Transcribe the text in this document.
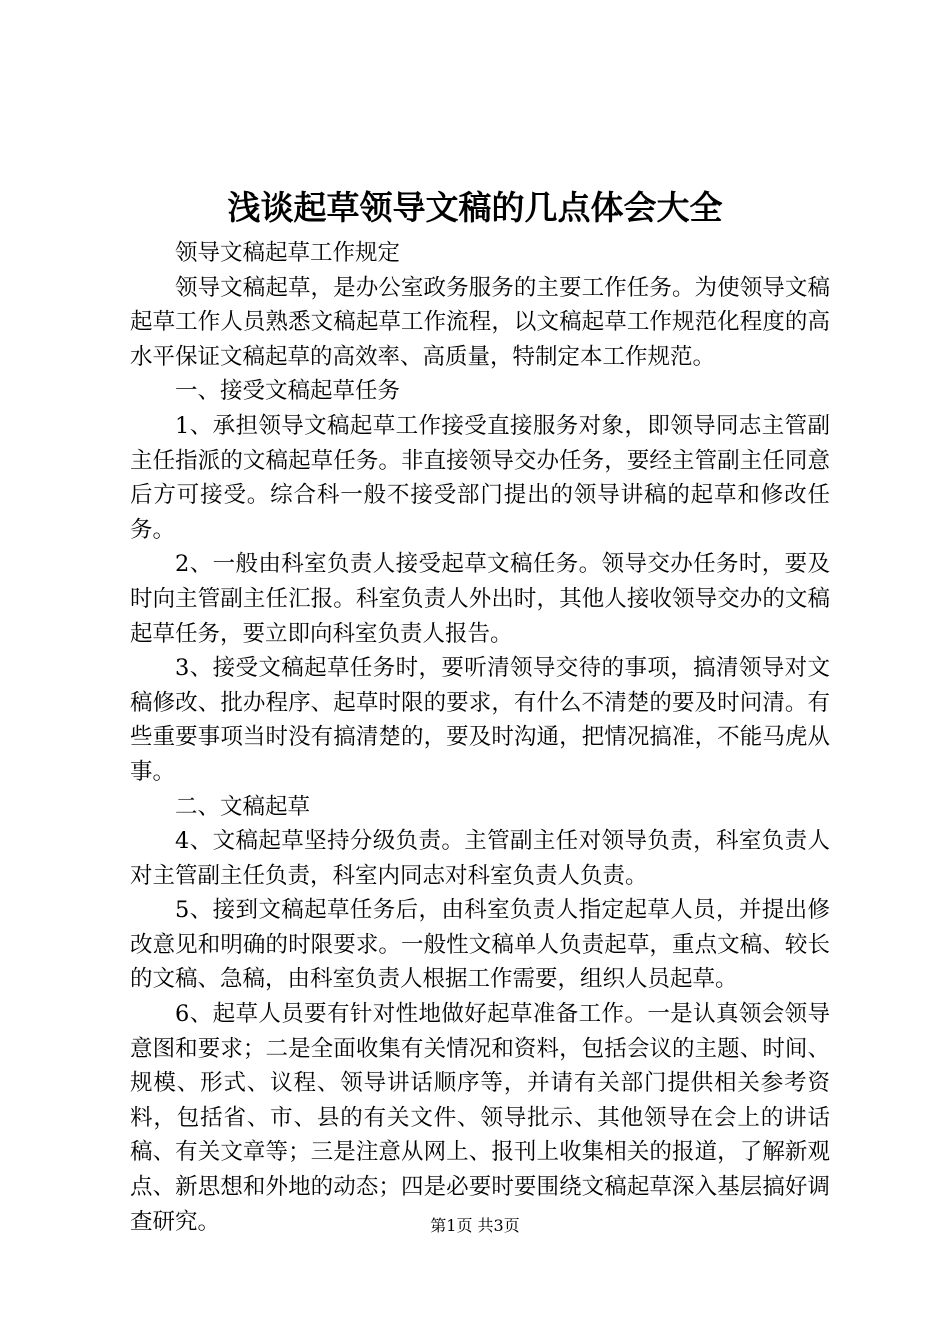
浅谈起草领导文稿的几点体会大全

领导文稿起草工作规定

领导文稿起草，是办公室政务服务的主要工作任务。为使领导文稿起草工作人员熟悉文稿起草工作流程，以文稿起草工作规范化程度的高水平保证文稿起草的高效率、高质量，特制定本工作规范。

一、接受文稿起草任务

1、承担领导文稿起草工作接受直接服务对象，即领导同志主管副主任指派的文稿起草任务。非直接领导交办任务，要经主管副主任同意后方可接受。综合科一般不接受部门提出的领导讲稿的起草和修改任务。

2、一般由科室负责人接受起草文稿任务。领导交办任务时，要及时向主管副主任汇报。科室负责人外出时，其他人接收领导交办的文稿起草任务，要立即向科室负责人报告。

3、接受文稿起草任务时，要听清领导交待的事项，搞清领导对文稿修改、批办程序、起草时限的要求，有什么不清楚的要及时问清。有些重要事项当时没有搞清楚的，要及时沟通，把情况搞准，不能马虎从事。

二、文稿起草

4、文稿起草坚持分级负责。主管副主任对领导负责，科室负责人对主管副主任负责，科室内同志对科室负责人负责。

5、接到文稿起草任务后，由科室负责人指定起草人员，并提出修改意见和明确的时限要求。一般性文稿单人负责起草，重点文稿、较长的文稿、急稿，由科室负责人根据工作需要，组织人员起草。

6、起草人员要有针对性地做好起草准备工作。一是认真领会领导意图和要求；二是全面收集有关情况和资料，包括会议的主题、时间、规模、形式、议程、领导讲话顺序等，并请有关部门提供相关参考资料，包括省、市、县的有关文件、领导批示、其他领导在会上的讲话稿、有关文章等；三是注意从网上、报刊上收集相关的报道，了解新观点、新思想和外地的动态；四是必要时要围绕文稿起草深入基层搞好调查研究。	第1页 共3页
